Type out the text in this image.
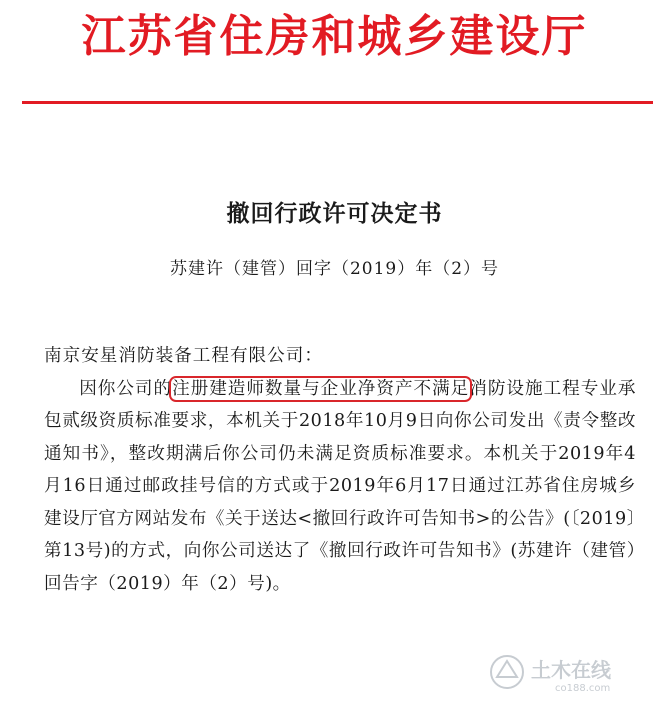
江苏省住房和城乡建设厅
撤回行政许可决定书
苏建许（建管）回字（2019）年（2）号

南京安星消防装备工程有限公司：

因你公司的注册建造师数量与企业净资产不满足消防设施工程专业承包贰级资质标准要求，本机关于2018年10月9日向你公司发出《责令整改通知书》，整改期满后你公司仍未满足资质标准要求。本机关于2019年4月16日通过邮政挂号信的方式或于2019年6月17日通过江苏省住房城乡建设厅官方网站发布《关于送达<撤回行政许可告知书>的公告》(〔2019〕第13号)的方式，向你公司送达了《撤回行政许可告知书》(苏建许（建管）回告字（2019）年（2）号)。

土木在线
co188.com
